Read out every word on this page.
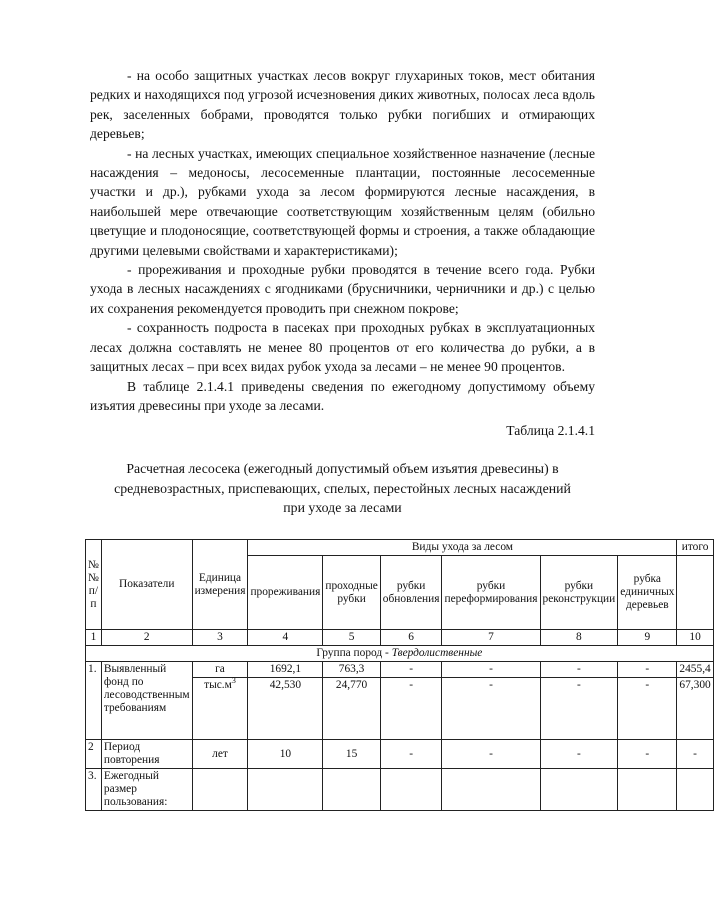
- на особо защитных участках лесов вокруг глухариных токов, мест обитания редких и находящихся под угрозой исчезновения диких животных, полосах леса вдоль рек, заселенных бобрами, проводятся только рубки погибших и отмирающих деревьев;

- на лесных участках, имеющих специальное хозяйственное назначение (лесные насаждения – медоносы, лесосеменные плантации, постоянные лесосеменные участки и др.), рубками ухода за лесом формируются лесные насаждения, в наибольшей мере отвечающие соответствующим хозяйственным целям (обильно цветущие и плодоносящие, соответствующей формы и строения, а также обладающие другими целевыми свойствами и характеристиками);

- прореживания и проходные рубки проводятся в течение всего года. Рубки ухода в лесных насаждениях с ягодниками (брусничники, черничники и др.) с целью их сохранения рекомендуется проводить при снежном покрове;

- сохранность подроста в пасеках при проходных рубках в эксплуатационных лесах должна составлять не менее 80 процентов от его количества до рубки, а в защитных лесах – при всех видах рубок ухода за лесами – не менее 90 процентов.

В таблице 2.1.4.1 приведены сведения по ежегодному допустимому объему изъятия древесины при уходе за лесами.

Таблица 2.1.4.1

Расчетная лесосека (ежегодный допустимый объем изъятия древесины) в средневозрастных, приспевающих, спелых, перестойных лесных насаждений при уходе за лесами

№ № п/п	Показатели	Единица измерения	Виды ухода за лесом						итого
			прореживания	проходные рубки	рубки обновления	рубки переформирования	рубки реконструкции	рубка единичных деревьев	
1	2	3	4	5	6	7	8	9	10
Группа пород - Твердолиственные									
1.	Выявленный фонд по лесоводственным требованиям	га	1692,1	763,3	-	-	-	-	2455,4
		$тыс.м^3$	42,530	24,770	-	-	-	-	67,300
2	Период повторения	лет	10	15	-	-	-	-	-
3.	Ежегодный размер пользования:								
